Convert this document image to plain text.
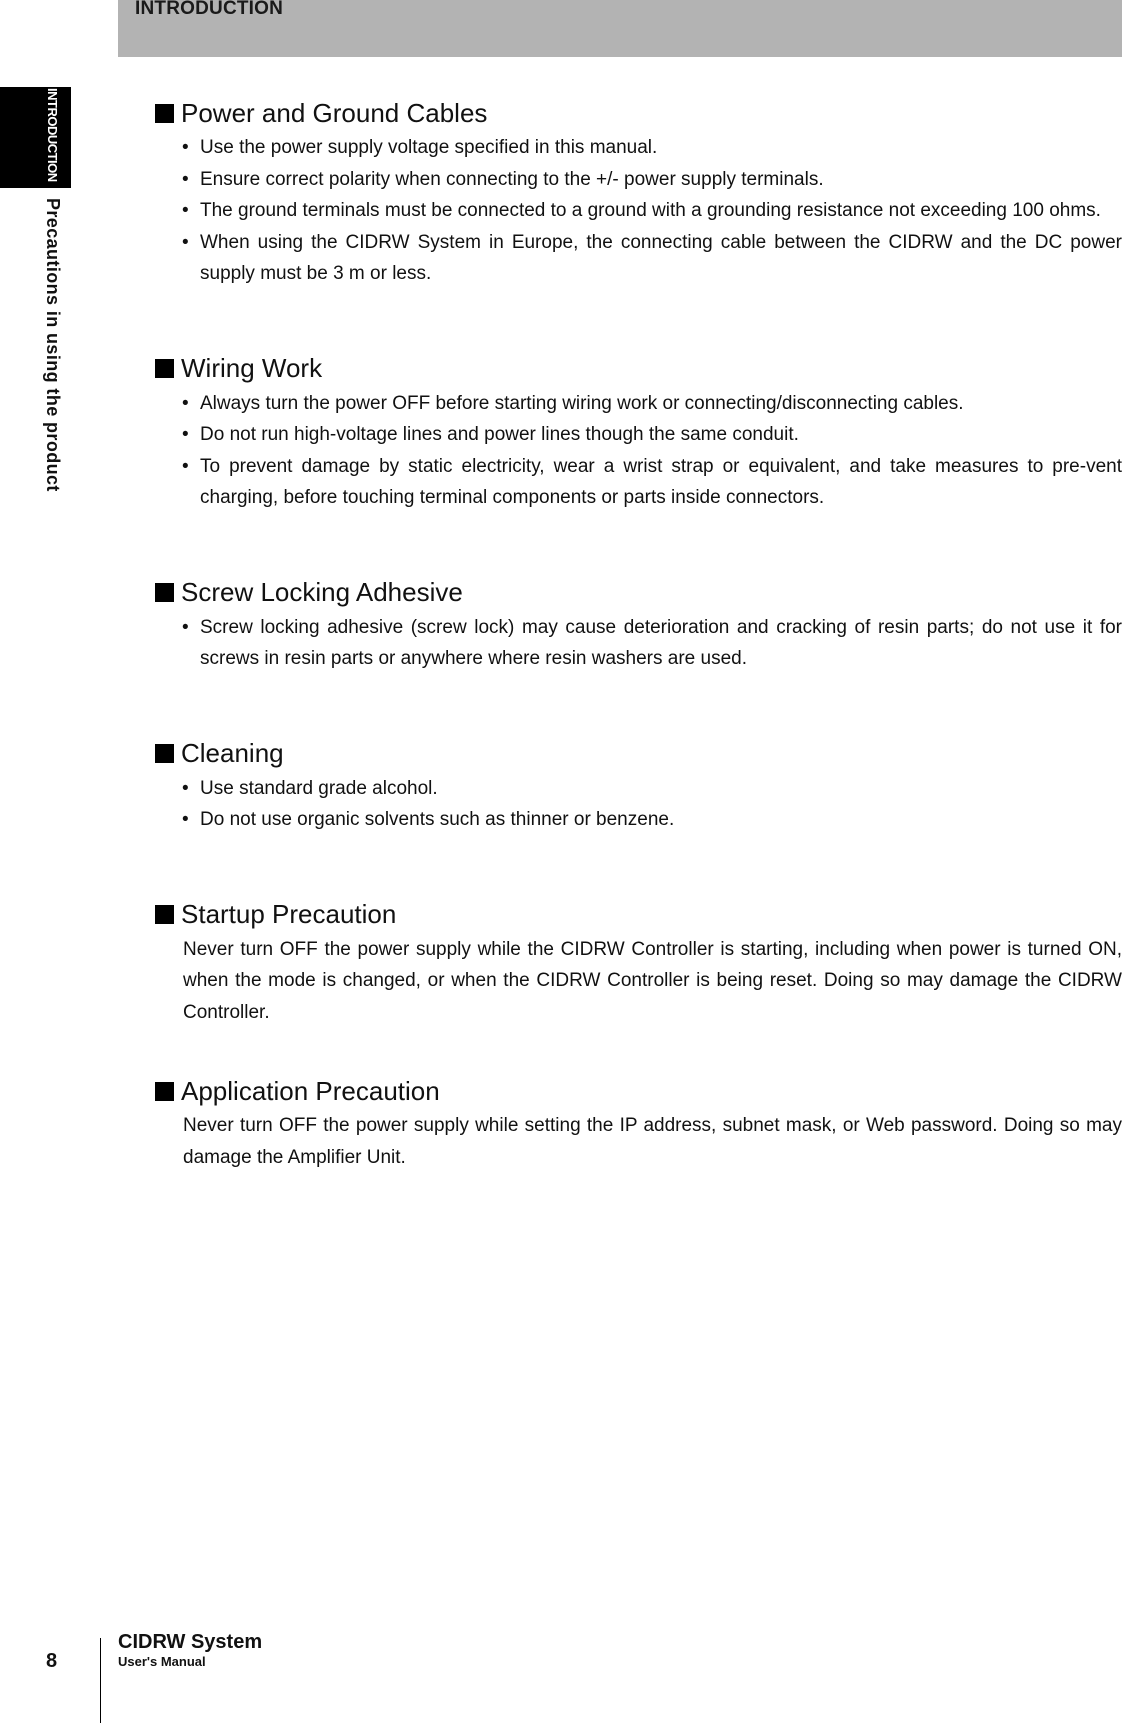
INTRODUCTION
INTRODUCTION
Precautions in using the product
Power and Ground Cables
• Use the power supply voltage specified in this manual.
• Ensure correct polarity when connecting to the +/- power supply terminals.
• The ground terminals must be connected to a ground with a grounding resistance not exceeding 100 ohms.
• When using the CIDRW System in Europe, the connecting cable between the CIDRW and the DC power supply must be 3 m or less.
Wiring Work
• Always turn the power OFF before starting wiring work or connecting/disconnecting cables.
• Do not run high-voltage lines and power lines though the same conduit.
• To prevent damage by static electricity, wear a wrist strap or equivalent, and take measures to pre-vent charging, before touching terminal components or parts inside connectors.
Screw Locking Adhesive
• Screw locking adhesive (screw lock) may cause deterioration and cracking of resin parts; do not use it for screws in resin parts or anywhere where resin washers are used.
Cleaning
• Use standard grade alcohol.
• Do not use organic solvents such as thinner or benzene.
Startup Precaution

Never turn OFF the power supply while the CIDRW Controller is starting, including when power is turned ON, when the mode is changed, or when the CIDRW Controller is being reset. Doing so may damage the CIDRW Controller.

Application Precaution

Never turn OFF the power supply while setting the IP address, subnet mask, or Web password. Doing so may damage the Amplifier Unit.

8
CIDRW System
User's Manual
